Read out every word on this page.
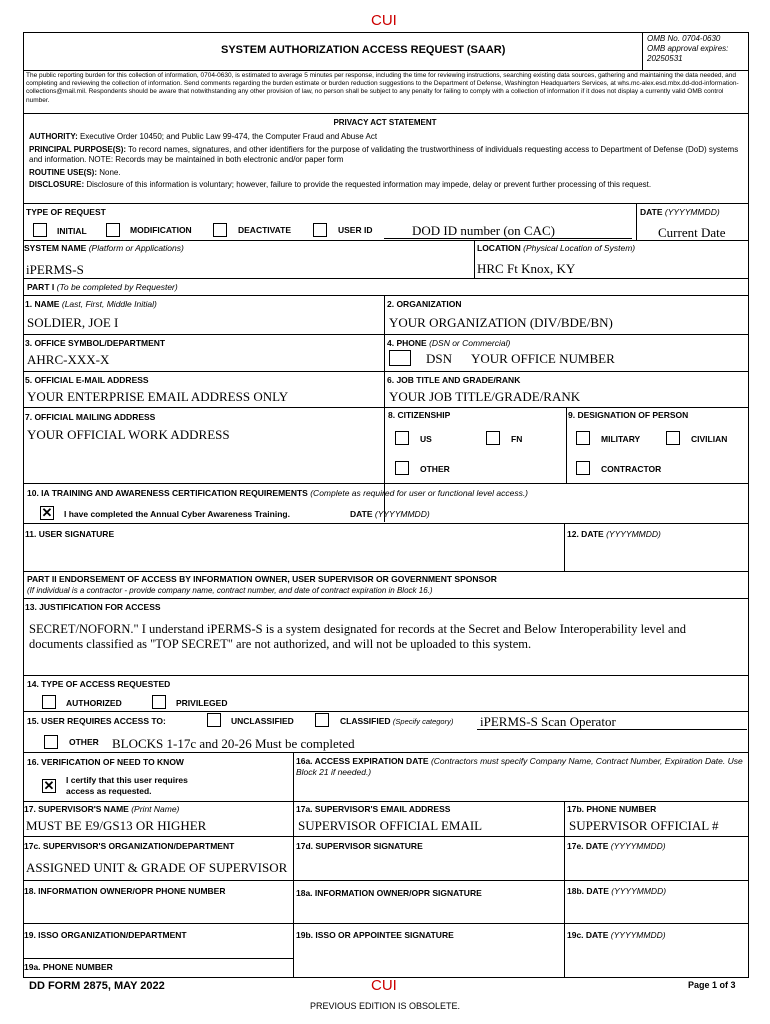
CUI
SYSTEM AUTHORIZATION ACCESS REQUEST (SAAR)
OMB No. 0704-0630
OMB approval expires:
20250531
The public reporting burden for this collection of information, 0704-0630, is estimated to average 5 minutes per response, including the time for reviewing instructions, searching existing data sources, gathering and maintaining the data needed, and completing and reviewing the collection of information. Send comments regarding the burden estimate or burden reduction suggestions to the Department of Defense, Washington Headquarters Services, at whs.mc-alex.esd.mbx.dd-dod-information-collections@mail.mil. Respondents should be aware that notwithstanding any other provision of law, no person shall be subject to any penalty for failing to comply with a collection of information if it does not display a currently valid OMB control number.
PRIVACY ACT STATEMENT
AUTHORITY: Executive Order 10450; and Public Law 99-474, the Computer Fraud and Abuse Act
PRINCIPAL PURPOSE(S): To record names, signatures, and other identifiers for the purpose of validating the trustworthiness of individuals requesting access to Department of Defense (DoD) systems and information. NOTE: Records may be maintained in both electronic and/or paper form
ROUTINE USE(S): None.
DISCLOSURE: Disclosure of this information is voluntary; however, failure to provide the requested information may impede, delay or prevent further processing of this request.
TYPE OF REQUEST	DATE (YYYYMMDD)
INITIAL	MODIFICATION	DEACTIVATE	USER ID	DOD ID number (on CAC)	Current Date
SYSTEM NAME (Platform or Applications)	LOCATION (Physical Location of System)
iPERMS-S	HRC Ft Knox, KY
PART I (To be completed by Requester)
1. NAME (Last, First, Middle Initial)	2. ORGANIZATION
SOLDIER, JOE I	YOUR ORGANIZATION (DIV/BDE/BN)
3. OFFICE SYMBOL/DEPARTMENT	4. PHONE (DSN or Commercial)
AHRC-XXX-X	DSN YOUR OFFICE NUMBER
5. OFFICIAL E-MAIL ADDRESS	6. JOB TITLE AND GRADE/RANK
YOUR ENTERPRISE EMAIL ADDRESS ONLY	YOUR JOB TITLE/GRADE/RANK
7. OFFICIAL MAILING ADDRESS
YOUR OFFICIAL WORK ADDRESS
8. CITIZENSHIP	9. DESIGNATION OF PERSON
US	FN
OTHER
MILITARY	CIVILIAN
CONTRACTOR
10. IA TRAINING AND AWARENESS CERTIFICATION REQUIREMENTS (Complete as required for user or functional level access.)
✕ I have completed the Annual Cyber Awareness Training.	DATE (YYYYMMDD)
11. USER SIGNATURE	12. DATE (YYYYMMDD)
PART II ENDORSEMENT OF ACCESS BY INFORMATION OWNER, USER SUPERVISOR OR GOVERNMENT SPONSOR
(If individual is a contractor - provide company name, contract number, and date of contract expiration in Block 16.)
13. JUSTIFICATION FOR ACCESS
SECRET/NOFORN." I understand iPERMS-S is a system designated for records at the Secret and Below Interoperability level and
documents classified as "TOP SECRET" are not authorized, and will not be uploaded to this system.
14. TYPE OF ACCESS REQUESTED
AUTHORIZED	PRIVILEGED
15. USER REQUIRES ACCESS TO:	UNCLASSIFIED	CLASSIFIED (Specify category) iPERMS-S Scan Operator
OTHER BLOCKS 1-17c and 20-26 Must be completed
16. VERIFICATION OF NEED TO KNOW	16a. ACCESS EXPIRATION DATE (Contractors must specify Company Name, Contract Number, Expiration Date. Use Block 21 if needed.)
✕ I certify that this user requires
access as requested.
17. SUPERVISOR'S NAME (Print Name)	17a. SUPERVISOR'S EMAIL ADDRESS	17b. PHONE NUMBER
MUST BE E9/GS13 OR HIGHER	SUPERVISOR OFFICIAL EMAIL	SUPERVISOR OFFICIAL #
17c. SUPERVISOR'S ORGANIZATION/DEPARTMENT	17d. SUPERVISOR SIGNATURE	17e. DATE (YYYYMMDD)
ASSIGNED UNIT & GRADE OF SUPERVISOR
18. INFORMATION OWNER/OPR PHONE NUMBER	18a. INFORMATION OWNER/OPR SIGNATURE	18b. DATE (YYYYMMDD)
19. ISSO ORGANIZATION/DEPARTMENT	19b. ISSO OR APPOINTEE SIGNATURE	19c. DATE (YYYYMMDD)
19a. PHONE NUMBER
DD FORM 2875, MAY 2022	CUI	Page 1 of 3
PREVIOUS EDITION IS OBSOLETE.
